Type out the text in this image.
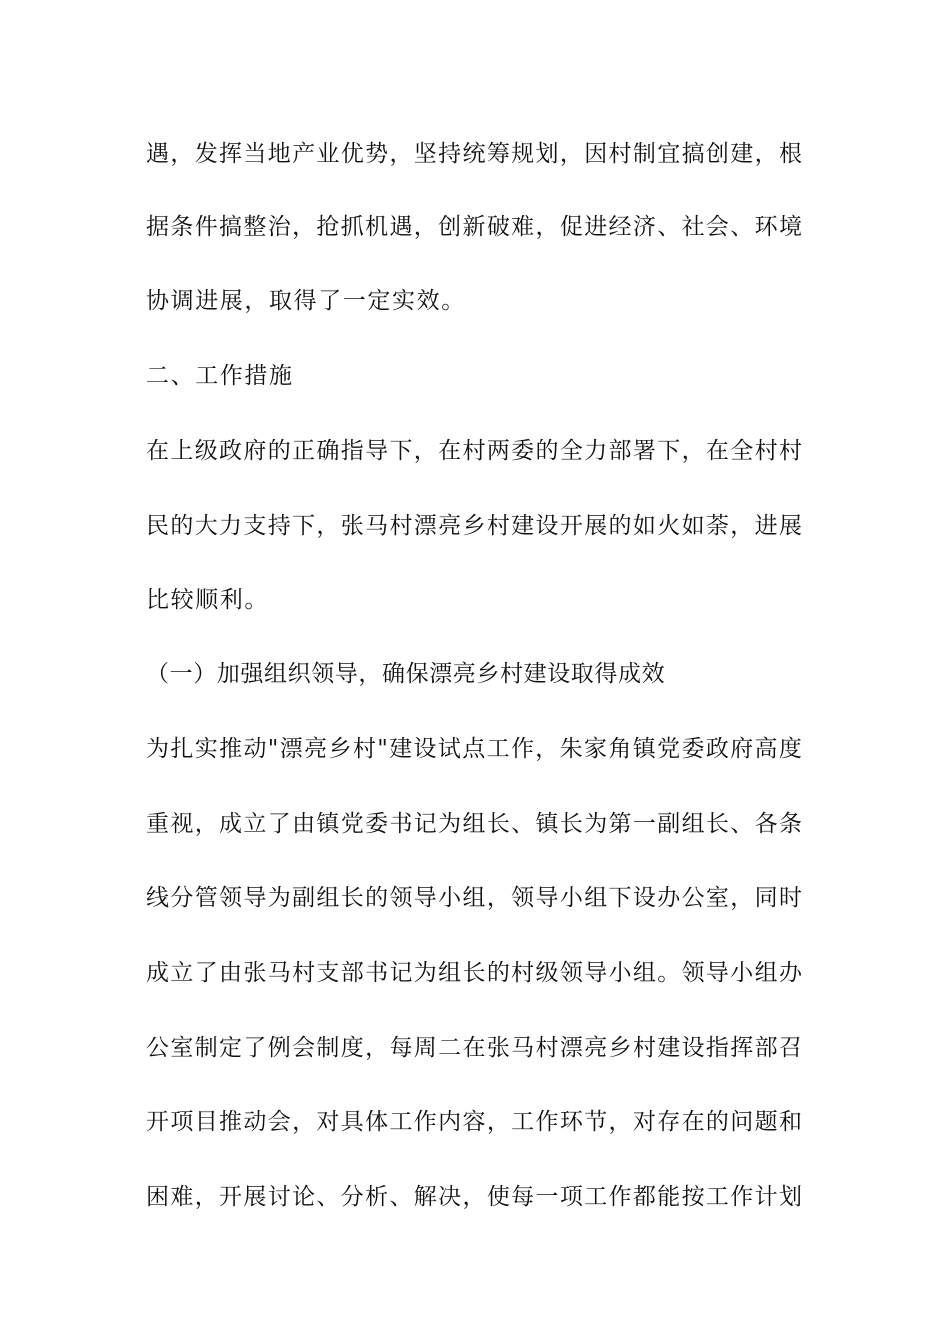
遇 ， 发 挥 当 地 产 业 优 势 ， 坚 持 统 筹 规 划 ， 因 村 制 宜 搞 创 建 ， 根
据 条 件 搞 整 治 ， 抢 抓 机 遇 ， 创 新 破 难 ， 促 进 经 济 、 社 会 、 环 境
协调进展，取得了一定实效。
二、工作措施
在 上 级 政 府 的 正 确 指 导 下 ， 在 村 两 委 的 全 力 部 署 下 ， 在 全 村 村
民 的 大 力 支 持 下 ， 张 马 村 漂 亮 乡 村 建 设 开 展 的 如 火 如 荼 ， 进 展
比较顺利。
（一）加强组织领导，确保漂亮乡村建设取得成效
为 扎 实 推 动 " 漂 亮 乡 村 " 建 设 试 点 工 作 ， 朱 家 角 镇 党 委 政 府 高 度
重 视 ， 成 立 了 由 镇 党 委 书 记 为 组 长 、 镇 长 为 第 一 副 组 长 、 各 条
线 分 管 领 导 为 副 组 长 的 领 导 小 组 ， 领 导 小 组 下 设 办 公 室 ， 同 时
成 立 了 由 张 马 村 支 部 书 记 为 组 长 的 村 级 领 导 小 组 。 领 导 小 组 办
公 室 制 定 了 例 会 制 度 ， 每 周 二 在 张 马 村 漂 亮 乡 村 建 设 指 挥 部 召
开 项 目 推 动 会 ， 对 具 体 工 作 内 容 ， 工 作 环 节 ， 对 存 在 的 问 题 和
困 难 ， 开 展 讨 论 、 分 析 、 解 决 ， 使 每 一 项 工 作 都 能 按 工 作 计 划
